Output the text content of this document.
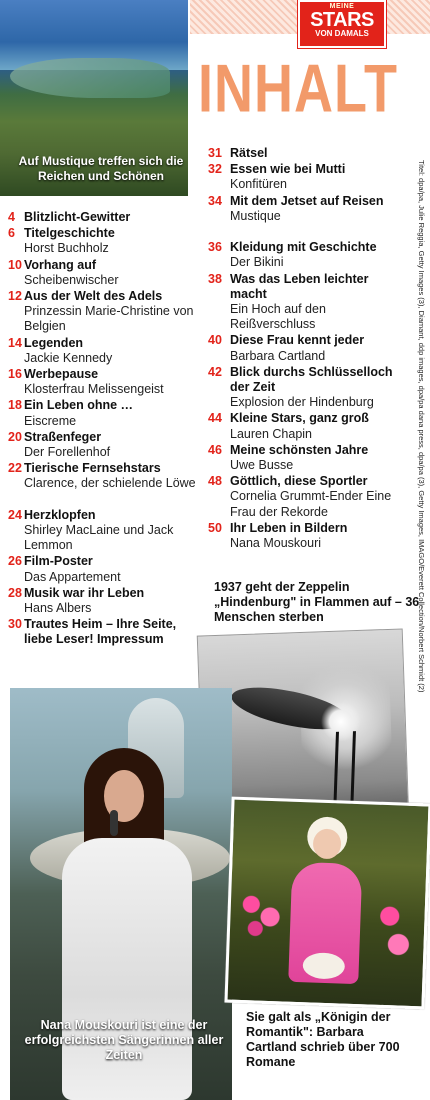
MEINE
STARS
VON DAMALS
INHALT
Auf Mustique treffen sich die Reichen und Schönen
4 Blitzlicht-Gewitter
6 Titelgeschichte
Horst Buchholz
10 Vorhang auf
Scheibenwischer
12 Aus der Welt des Adels
Prinzessin Marie-Christine von Belgien
14 Legenden
Jackie Kennedy
16 Werbepause
Klosterfrau Melissengeist
18 Ein Leben ohne …
Eiscreme
20 Straßenfeger
Der Forellenhof
22 Tierische Fernsehstars
Clarence, der schielende Löwe
24 Herzklopfen
Shirley MacLaine und Jack Lemmon
26 Film-Poster
Das Appartement
28 Musik war ihr Leben
Hans Albers
30 Trautes Heim – Ihre Seite, liebe Leser! Impressum
31 Rätsel
32 Essen wie bei Mutti
Konfitüren
34 Mit dem Jetset auf Reisen
Mustique
36 Kleidung mit Geschichte
Der Bikini
38 Was das Leben leichter macht
Ein Hoch auf den Reißverschluss
40 Diese Frau kennt jeder
Barbara Cartland
42 Blick durchs Schlüsselloch der Zeit
Explosion der Hindenburg
44 Kleine Stars, ganz groß
Lauren Chapin
46 Meine schönsten Jahre
Uwe Busse
48 Göttlich, diese Sportler
Cornelia Grummt-Ender Eine Frau der Rekorde
50 Ihr Leben in Bildern
Nana Mouskouri
1937 geht der Zeppelin „Hindenburg" in Flammen auf – 36 Menschen sterben
Nana Mouskouri ist eine der erfolgreichsten Sängerinnen aller Zeiten
Sie galt als „Königin der Romantik": Barbara Cartland schrieb über 700 Romane
Titel: dpa/pa, Julie Reggia, Getty Images (3), Diamant, ddp images, dpa/pa dana press, dpa/pa (3), Getty Images, IMAGO/Everett Collection/Norbert Schmidt (2)
